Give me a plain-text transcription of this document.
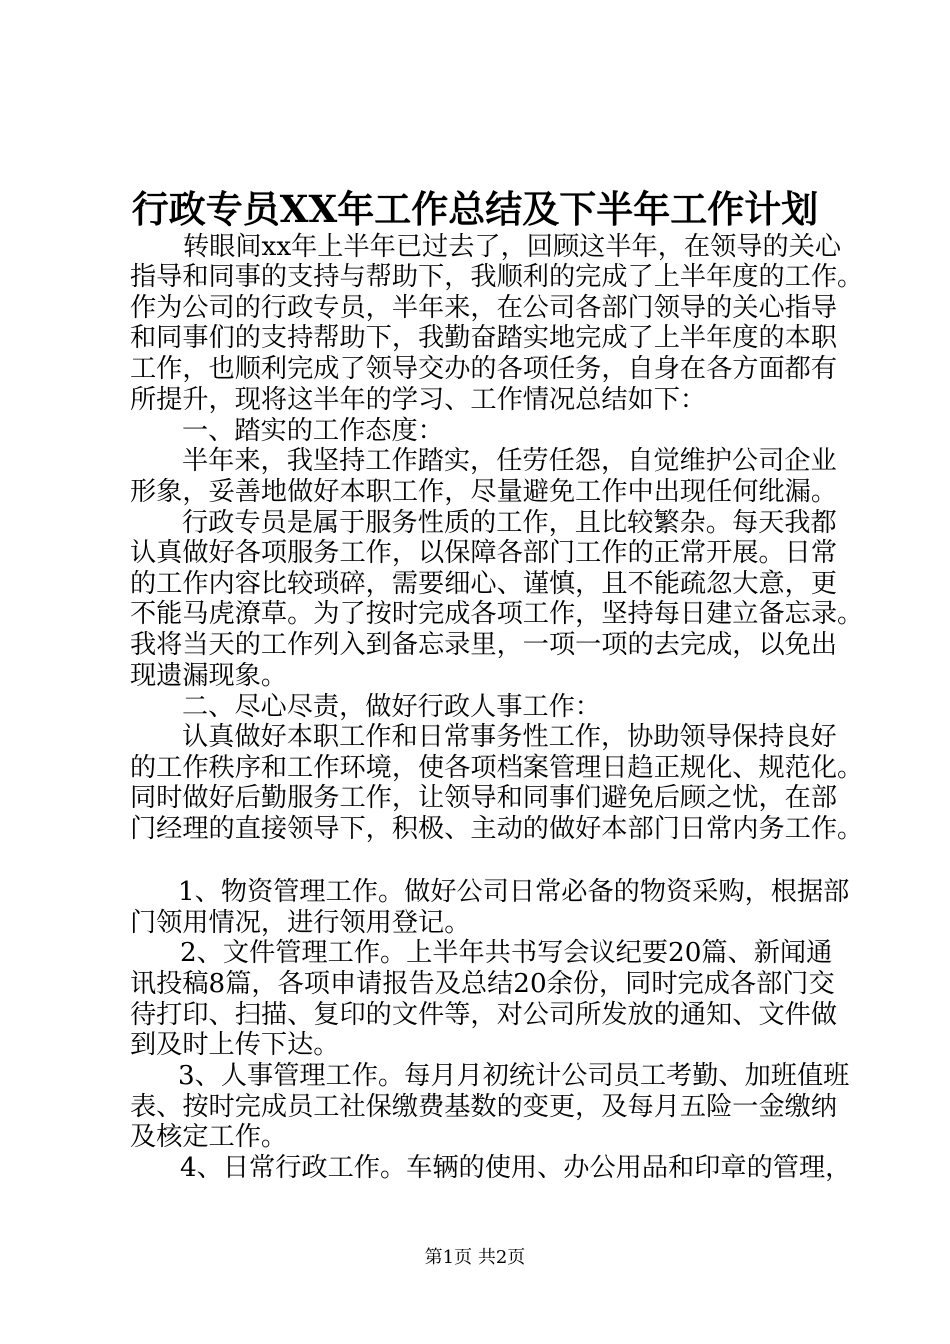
行政专员XX年工作总结及下半年工作计划
转眼间xx年上半年已过去了，回顾这半年，在领导的关心
指导和同事的支持与帮助下，我顺利的完成了上半年度的工作。
作为公司的行政专员，半年来，在公司各部门领导的关心指导
和同事们的支持帮助下，我勤奋踏实地完成了上半年度的本职
工作，也顺利完成了领导交办的各项任务，自身在各方面都有
所提升，现将这半年的学习、工作情况总结如下：
一、踏实的工作态度：
半年来，我坚持工作踏实，任劳任怨，自觉维护公司企业
形象，妥善地做好本职工作，尽量避免工作中出现任何纰漏。
行政专员是属于服务性质的工作，且比较繁杂。每天我都
认真做好各项服务工作，以保障各部门工作的正常开展。日常
的工作内容比较琐碎，需要细心、谨慎，且不能疏忽大意，更
不能马虎潦草。为了按时完成各项工作，坚持每日建立备忘录。
我将当天的工作列入到备忘录里，一项一项的去完成，以免出
现遗漏现象。
二、尽心尽责，做好行政人事工作：
认真做好本职工作和日常事务性工作，协助领导保持良好
的工作秩序和工作环境，使各项档案管理日趋正规化、规范化。
同时做好后勤服务工作，让领导和同事们避免后顾之忧，在部
门经理的直接领导下，积极、主动的做好本部门日常内务工作。
1、物资管理工作。做好公司日常必备的物资采购，根据部
门领用情况，进行领用登记。
2、文件管理工作。上半年共书写会议纪要20篇、新闻通
讯投稿8篇，各项申请报告及总结20余份，同时完成各部门交
待打印、扫描、复印的文件等，对公司所发放的通知、文件做
到及时上传下达。
3、人事管理工作。每月月初统计公司员工考勤、加班值班
表、按时完成员工社保缴费基数的变更，及每月五险一金缴纳
及核定工作。
4、日常行政工作。车辆的使用、办公用品和印章的管理，
第1页 共2页
